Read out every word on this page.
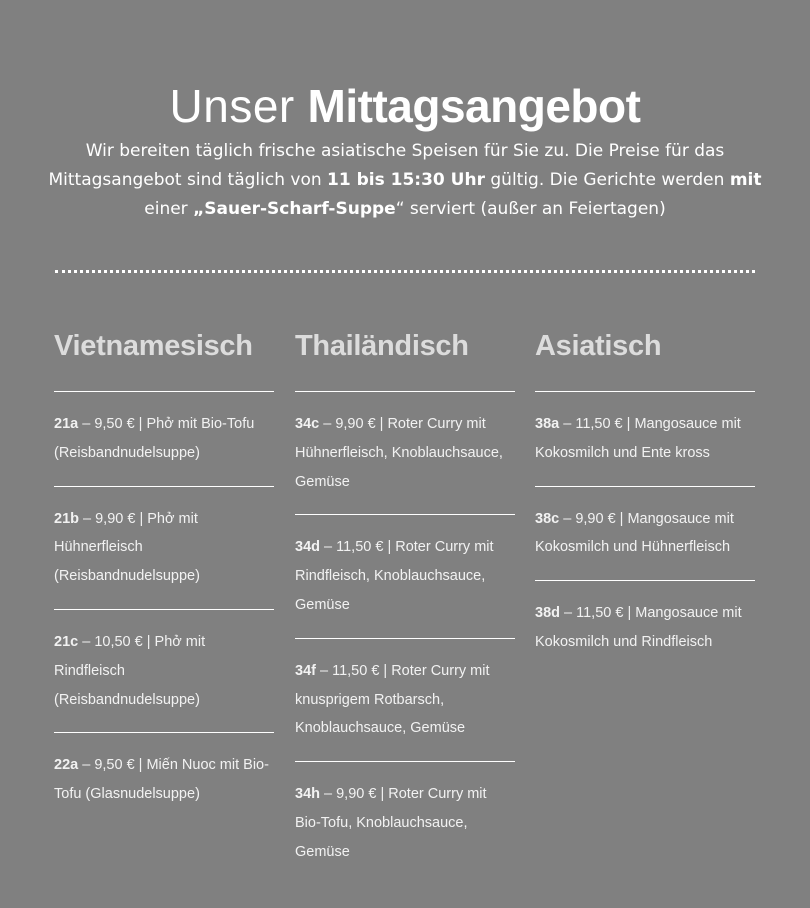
Unser Mittagsangebot

Wir bereiten täglich frische asiatische Speisen für Sie zu. Die Preise für das Mittagsangebot sind täglich von 11 bis 15:30 Uhr gültig. Die Gerichte werden mit einer „Sauer-Scharf-Suppe“ serviert (außer an Feiertagen)

Vietnamesisch
21a – 9,50 € | Phở mit Bio-Tofu (Reisbandnudelsuppe)
21b – 9,90 € | Phở mit Hühnerfleisch (Reisbandnudelsuppe)
21c – 10,50 € | Phở mit Rindfleisch (Reisbandnudelsuppe)
22a – 9,50 € | Miến Nuoc mit Bio-Tofu (Glasnudelsuppe)
Thailändisch
34c – 9,90 € | Roter Curry mit Hühnerfleisch, Knoblauchsauce, Gemüse
34d – 11,50 € | Roter Curry mit Rindfleisch, Knoblauchsauce, Gemüse
34f – 11,50 € | Roter Curry mit knusprigem Rotbarsch, Knoblauchsauce, Gemüse
34h – 9,90 € | Roter Curry mit Bio-Tofu, Knoblauchsauce, Gemüse
Asiatisch
38a – 11,50 € | Mangosauce mit Kokosmilch und Ente kross
38c – 9,90 € | Mangosauce mit Kokosmilch und Hühnerfleisch
38d – 11,50 € | Mangosauce mit Kokosmilch und Rindfleisch
